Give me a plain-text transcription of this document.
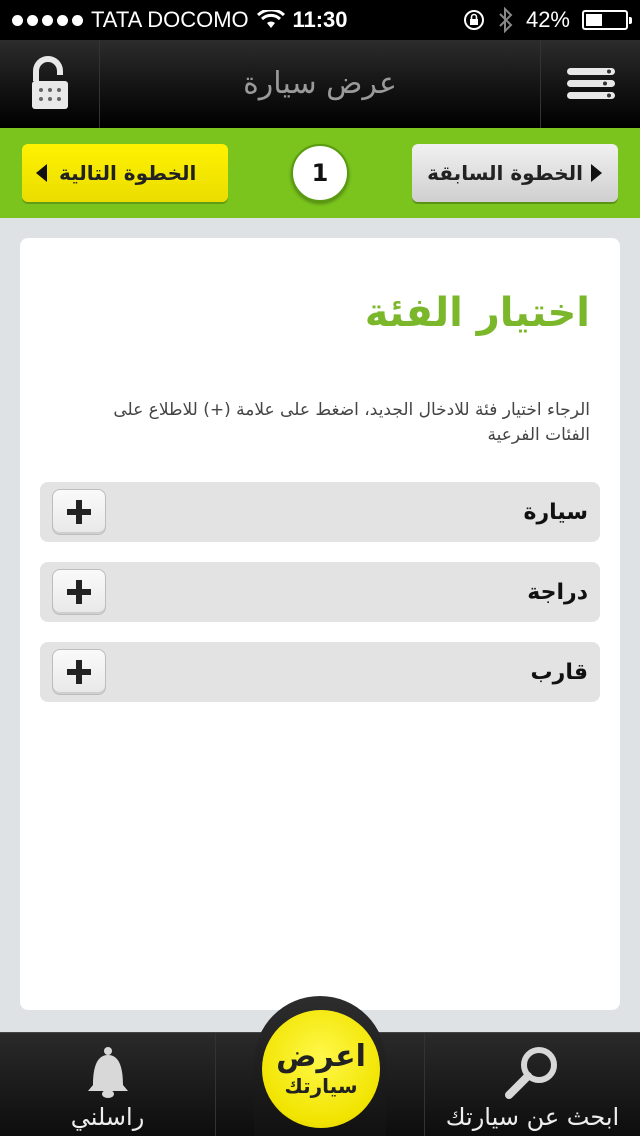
TATA DOCOMO 11:30	42%
عرض سيارة
الخطوة التالية	1	الخطوة السابقة
اختيار الفئة
الرجاء اختيار فئة للادخال الجديد، اضغط على علامة (+) للاطلاع على الفئات الفرعية
سيارة
دراجة
قارب
راسلني	ابحث عن سيارتك
اعرض
سيارتك
